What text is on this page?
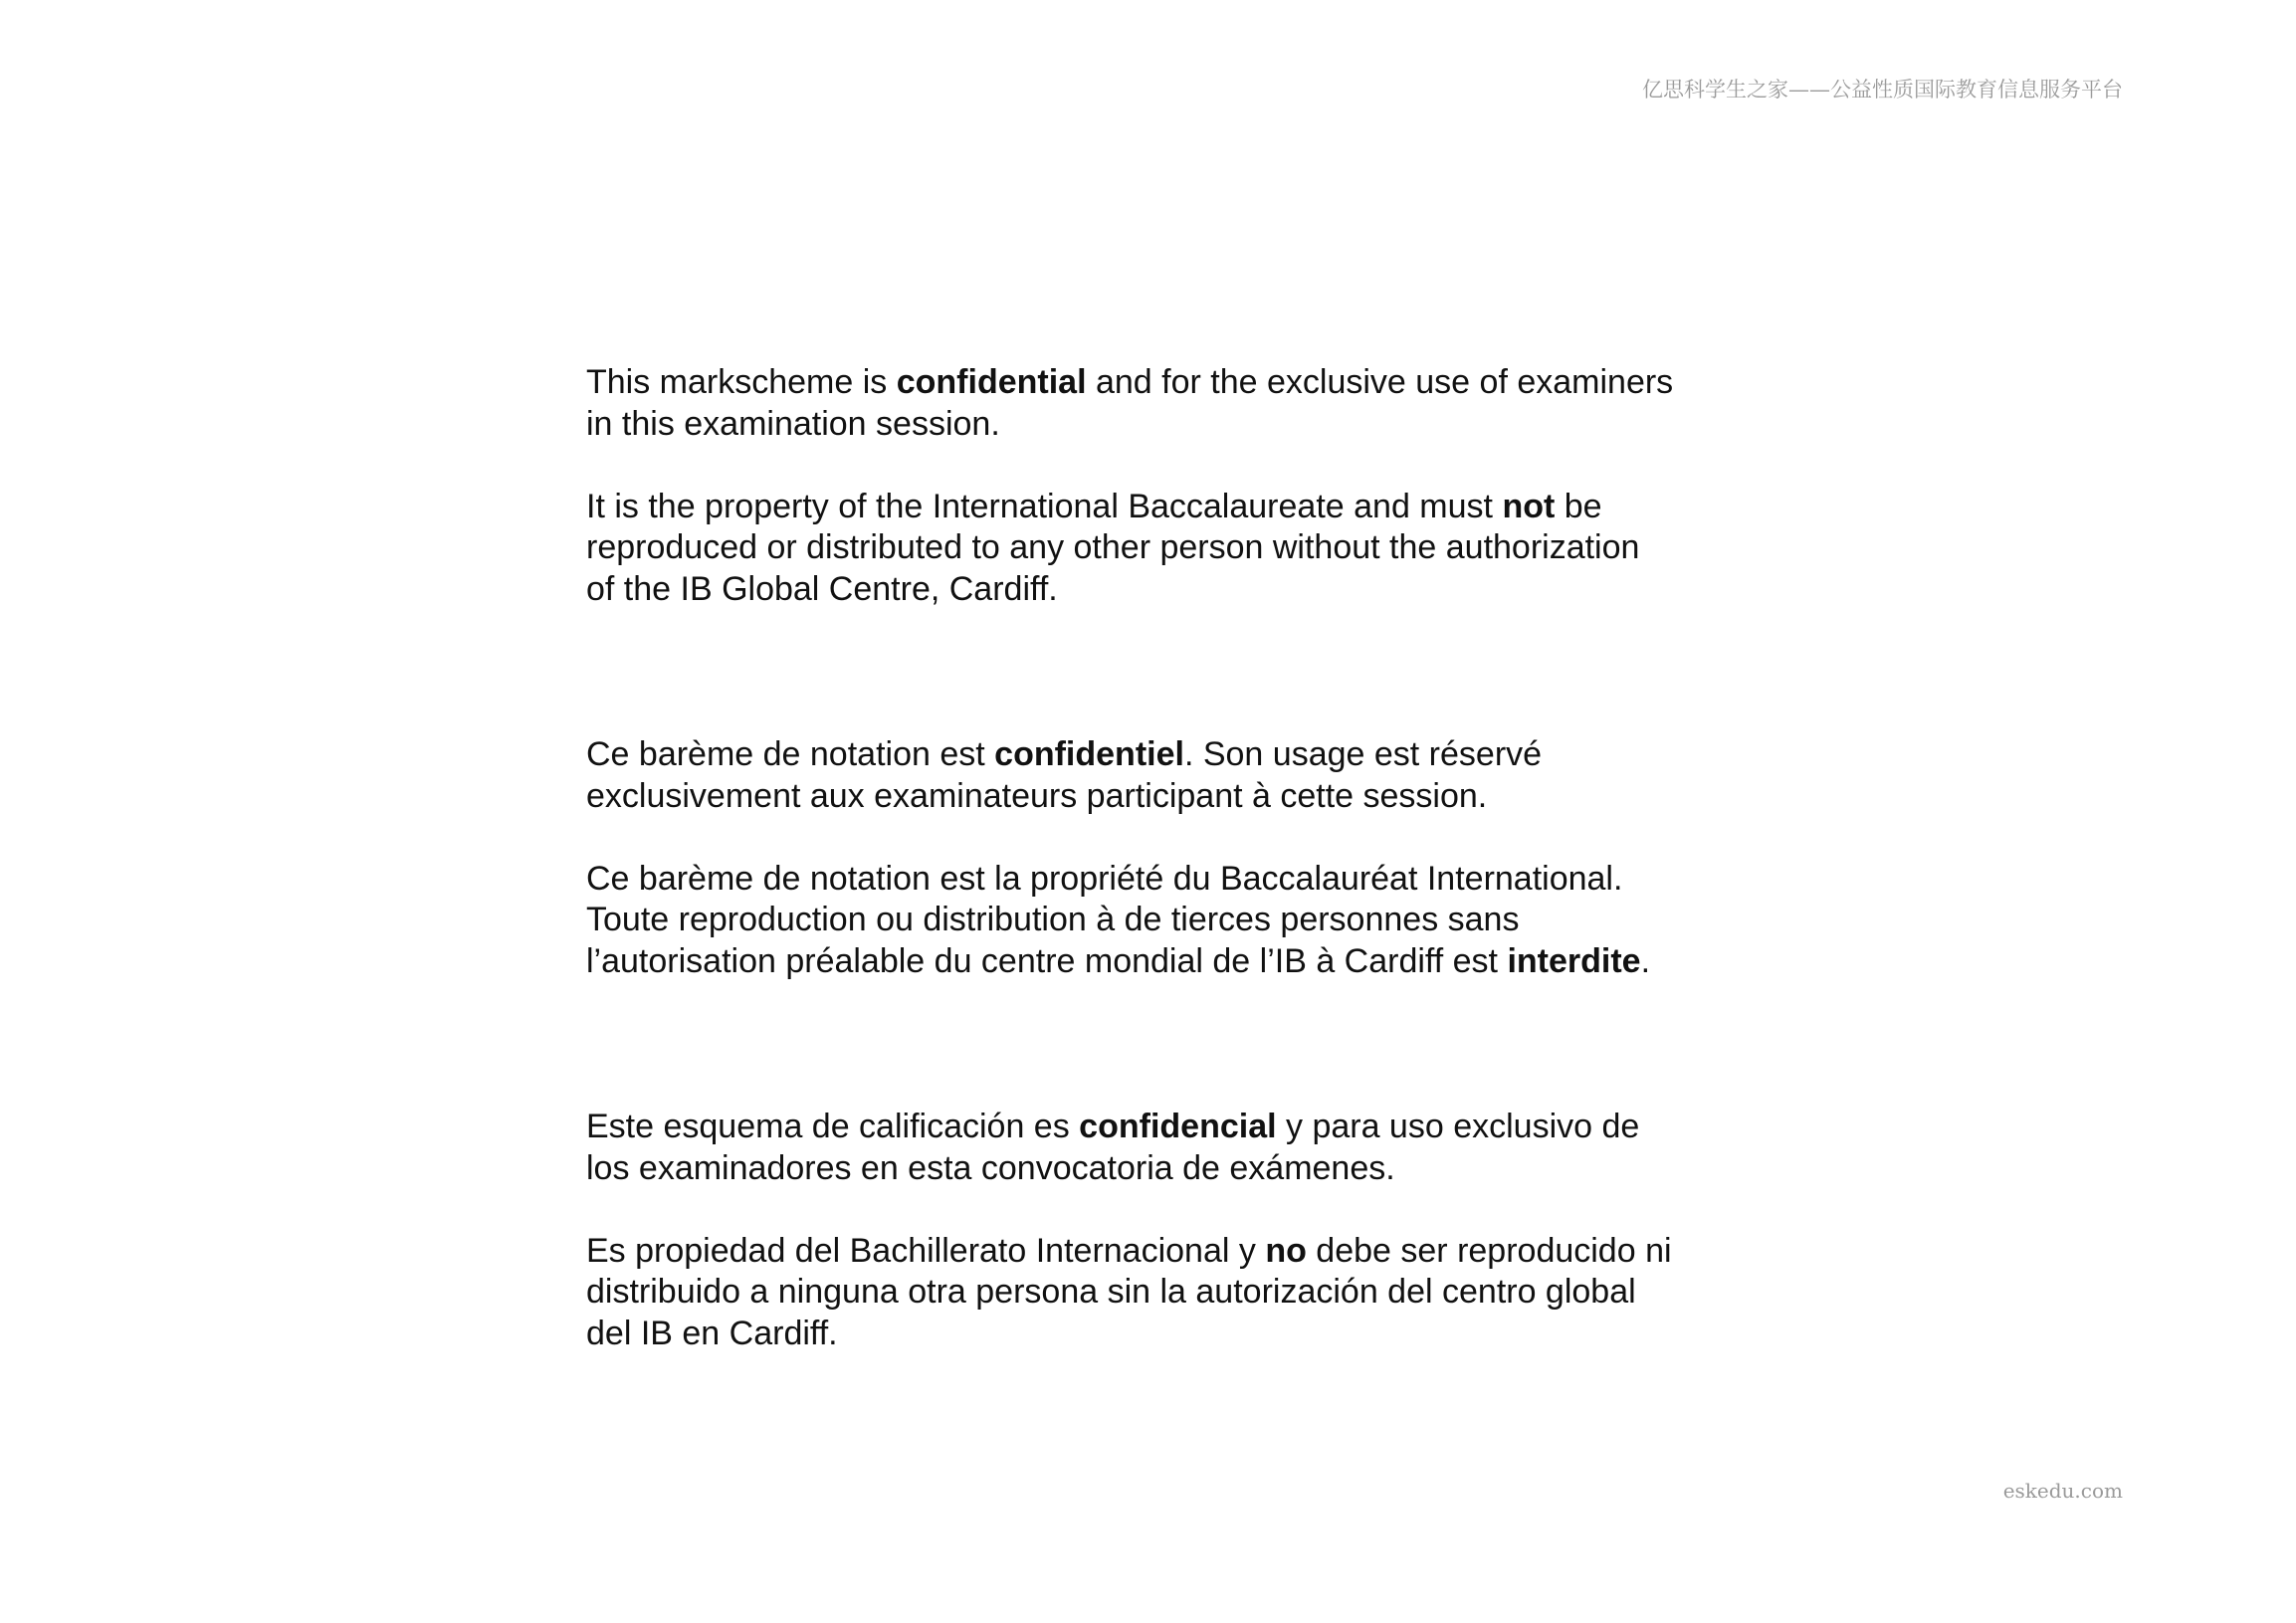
亿思科学生之家——公益性质国际教育信息服务平台

This markscheme is confidential and for the exclusive use of examiners
in this examination session.

It is the property of the International Baccalaureate and must not be
reproduced or distributed to any other person without the authorization
of the IB Global Centre, Cardiff.

Ce barème de notation est confidentiel. Son usage est réservé
exclusivement aux examinateurs participant à cette session.

Ce barème de notation est la propriété du Baccalauréat International.
Toute reproduction ou distribution à de tierces personnes sans
l’autorisation préalable du centre mondial de l’IB à Cardiff est interdite.

Este esquema de calificación es confidencial y para uso exclusivo de
los examinadores en esta convocatoria de exámenes.

Es propiedad del Bachillerato Internacional y no debe ser reproducido ni
distribuido a ninguna otra persona sin la autorización del centro global
del IB en Cardiff.

eskedu.com
